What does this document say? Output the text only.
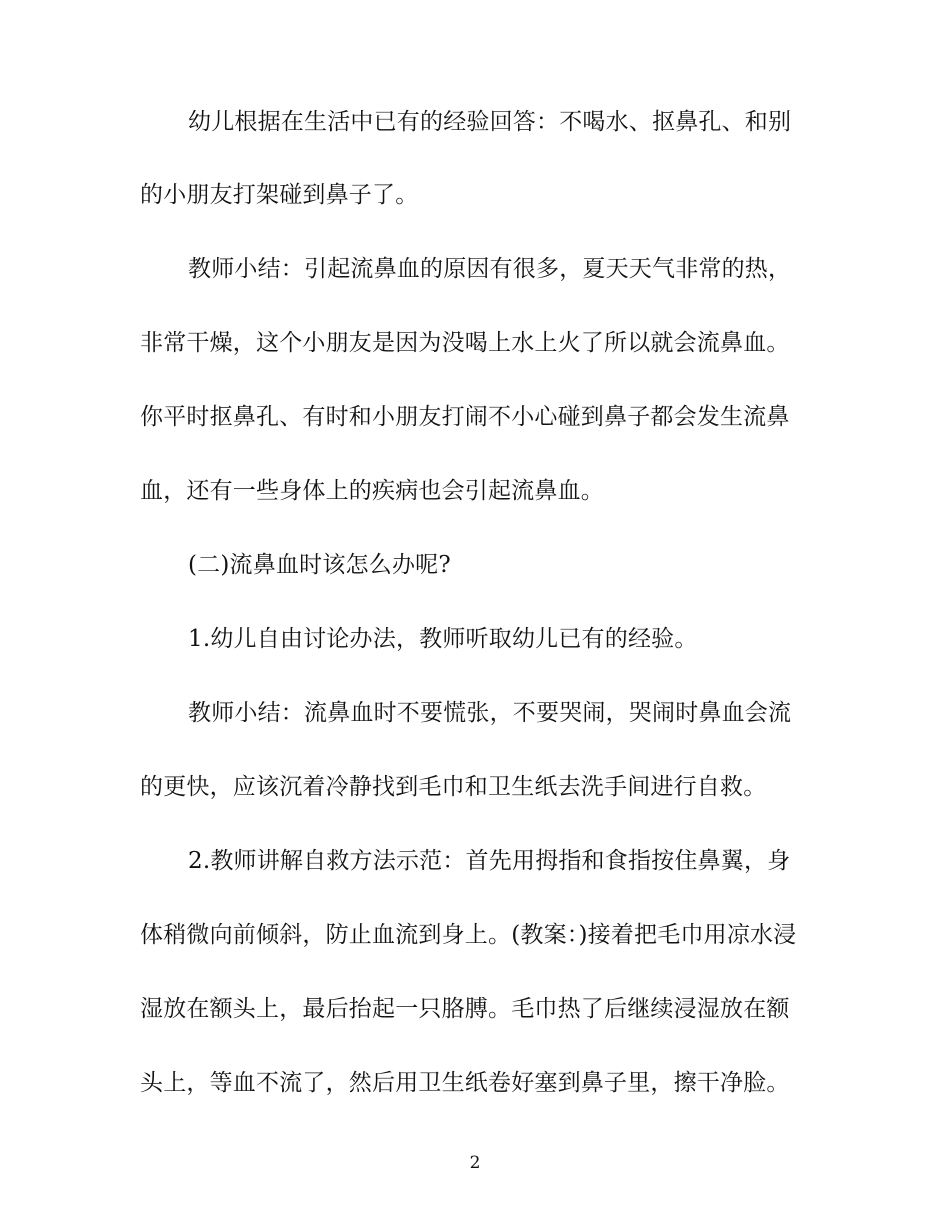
幼儿根据在生活中已有的经验回答：不喝水、抠鼻孔、和别
的小朋友打架碰到鼻子了。
教师小结：引起流鼻血的原因有很多，夏天天气非常的热，
非常干燥，这个小朋友是因为没喝上水上火了所以就会流鼻血。
你平时抠鼻孔、有时和小朋友打闹不小心碰到鼻子都会发生流鼻
血，还有一些身体上的疾病也会引起流鼻血。
(二)流鼻血时该怎么办呢?
1.幼儿自由讨论办法，教师听取幼儿已有的经验。
教师小结：流鼻血时不要慌张，不要哭闹，哭闹时鼻血会流
的更快，应该沉着冷静找到毛巾和卫生纸去洗手间进行自救。
2.教师讲解自救方法示范：首先用拇指和食指按住鼻翼，身
体稍微向前倾斜，防止血流到身上。(教案：)接着把毛巾用凉水浸
湿放在额头上，最后抬起一只胳膊。毛巾热了后继续浸湿放在额
头上，等血不流了，然后用卫生纸卷好塞到鼻子里，擦干净脸。
2
